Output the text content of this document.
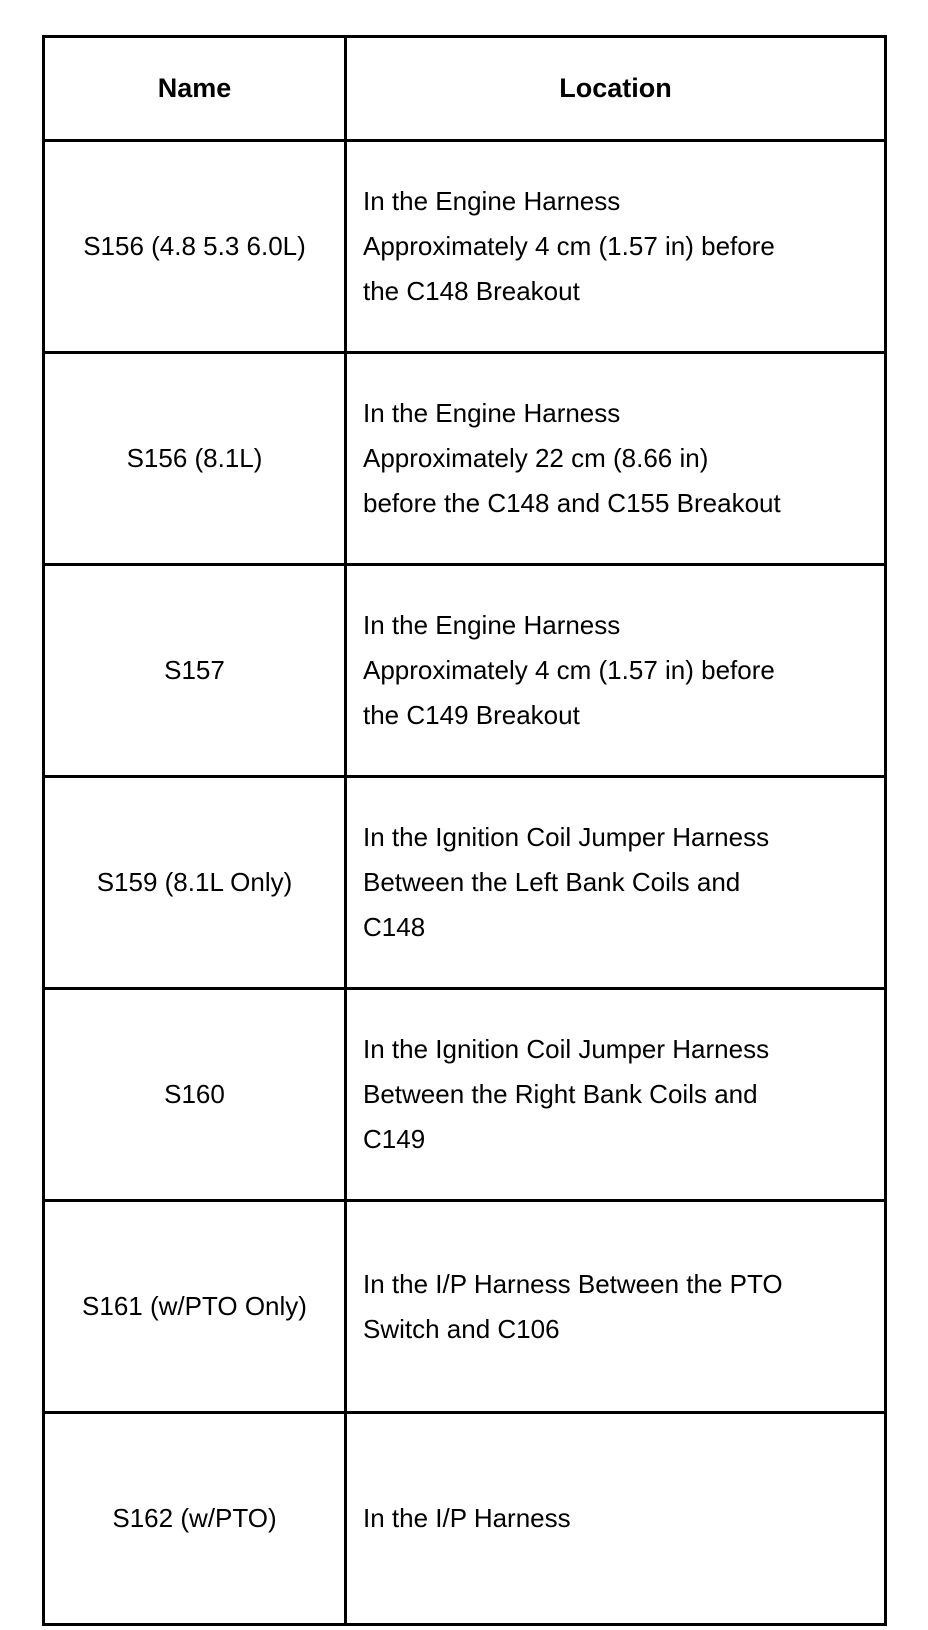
Name	Location
S156 (4.8 5.3 6.0L)	In the Engine Harness
Approximately 4 cm (1.57 in) before
the C148 Breakout

S156 (8.1L)	In the Engine Harness
Approximately 22 cm (8.66 in)
before the C148 and C155 Breakout

S157	In the Engine Harness
Approximately 4 cm (1.57 in) before
the C149 Breakout

S159 (8.1L Only)	In the Ignition Coil Jumper Harness
Between the Left Bank Coils and
C148

S160	In the Ignition Coil Jumper Harness
Between the Right Bank Coils and
C149

S161 (w/PTO Only)	In the I/P Harness Between the PTO
Switch and C106

S162 (w/PTO)	In the I/P Harness
